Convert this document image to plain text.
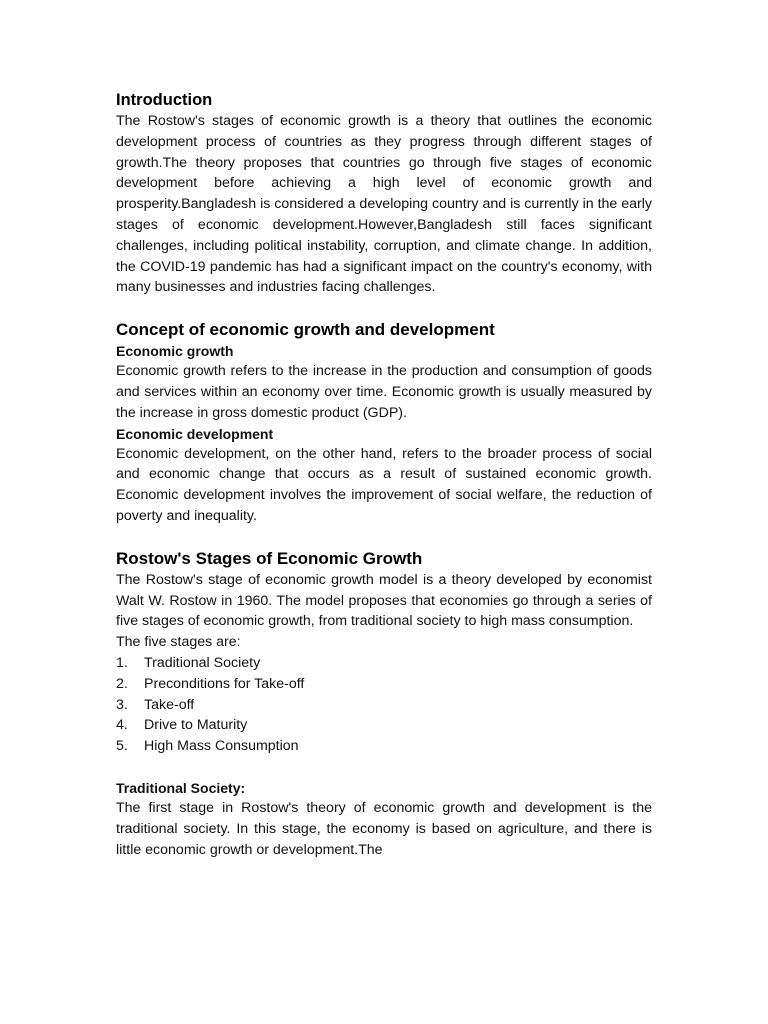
Introduction

The Rostow's stages of economic growth is a theory that outlines the economic development process of countries as they progress through different stages of growth.The theory proposes that countries go through five stages of economic development before achieving a high level of economic growth and prosperity.Bangladesh is considered a developing country and is currently in the early stages of economic development.However,Bangladesh still faces significant challenges, including political instability, corruption, and climate change. In addition, the COVID-19 pandemic has had a significant impact on the country's economy, with many businesses and industries facing challenges.

Concept of economic growth and development
Economic growth

Economic growth refers to the increase in the production and consumption of goods and services within an economy over time. Economic growth is usually measured by the increase in gross domestic product (GDP).

Economic development

Economic development, on the other hand, refers to the broader process of social and economic change that occurs as a result of sustained economic growth. Economic development involves the improvement of social welfare, the reduction of poverty and inequality.

Rostow's Stages of Economic Growth

The Rostow's stage of economic growth model is a theory developed by economist Walt W. Rostow in 1960. The model proposes that economies go through a series of five stages of economic growth, from traditional society to high mass consumption.

The five stages are:

1.	Traditional Society
2.	Preconditions for Take-off
3.	Take-off
4.	Drive to Maturity
5.	High Mass Consumption
Traditional Society:

The first stage in Rostow's theory of economic growth and development is the traditional society. In this stage, the economy is based on agriculture, and there is little economic growth or development.The
